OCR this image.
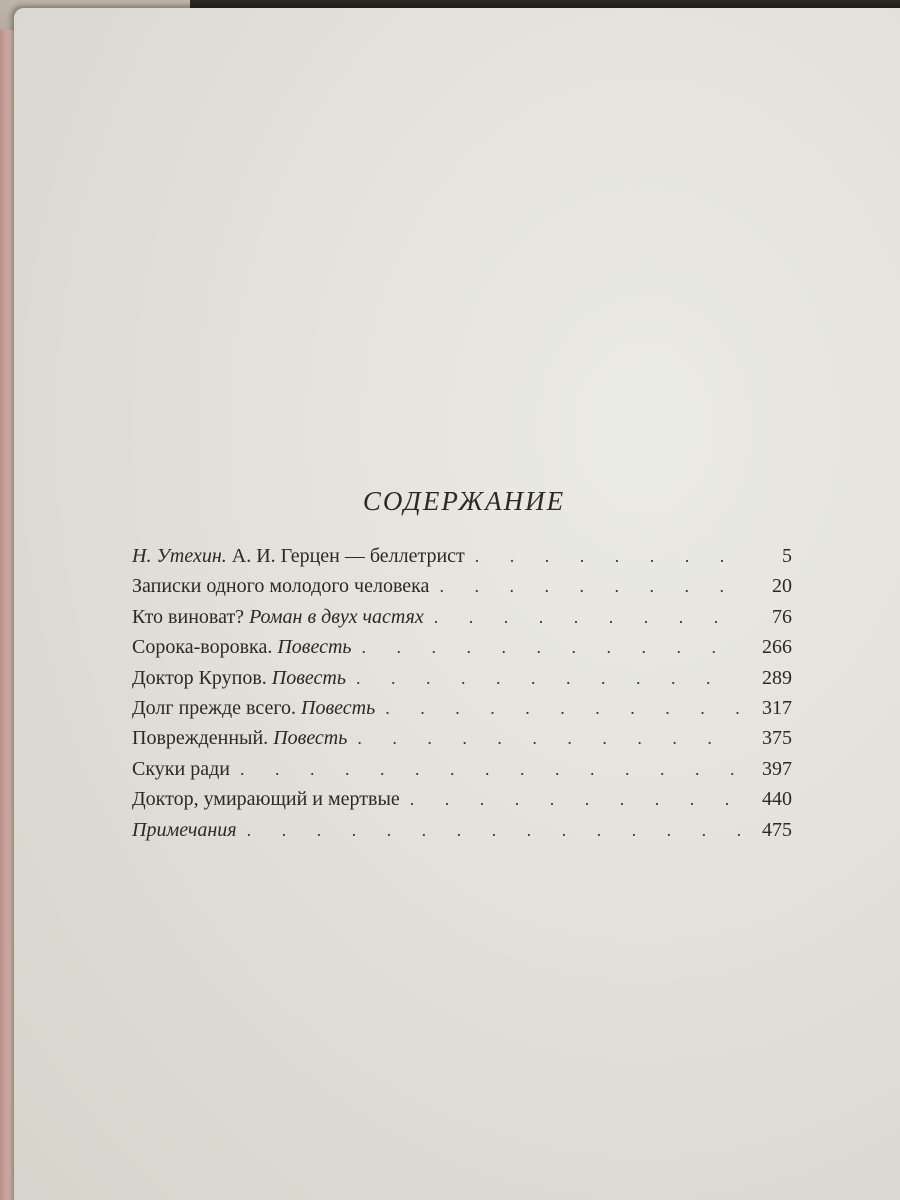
СОДЕРЖАНИЕ
Н. Утехин. А. И. Герцен — беллетрист . . .	5
Записки одного молодого человека . . .	20
Кто виноват? Роман в двух частях . . .	76
Сорока-воровка. Повесть . . .	266
Доктор Крупов. Повесть . . .	289
Долг прежде всего. Повесть . . .	317
Поврежденный. Повесть . . .	375
Скуки ради . . .	397
Доктор, умирающий и мертвые . . .	440
Примечания . . .	475
